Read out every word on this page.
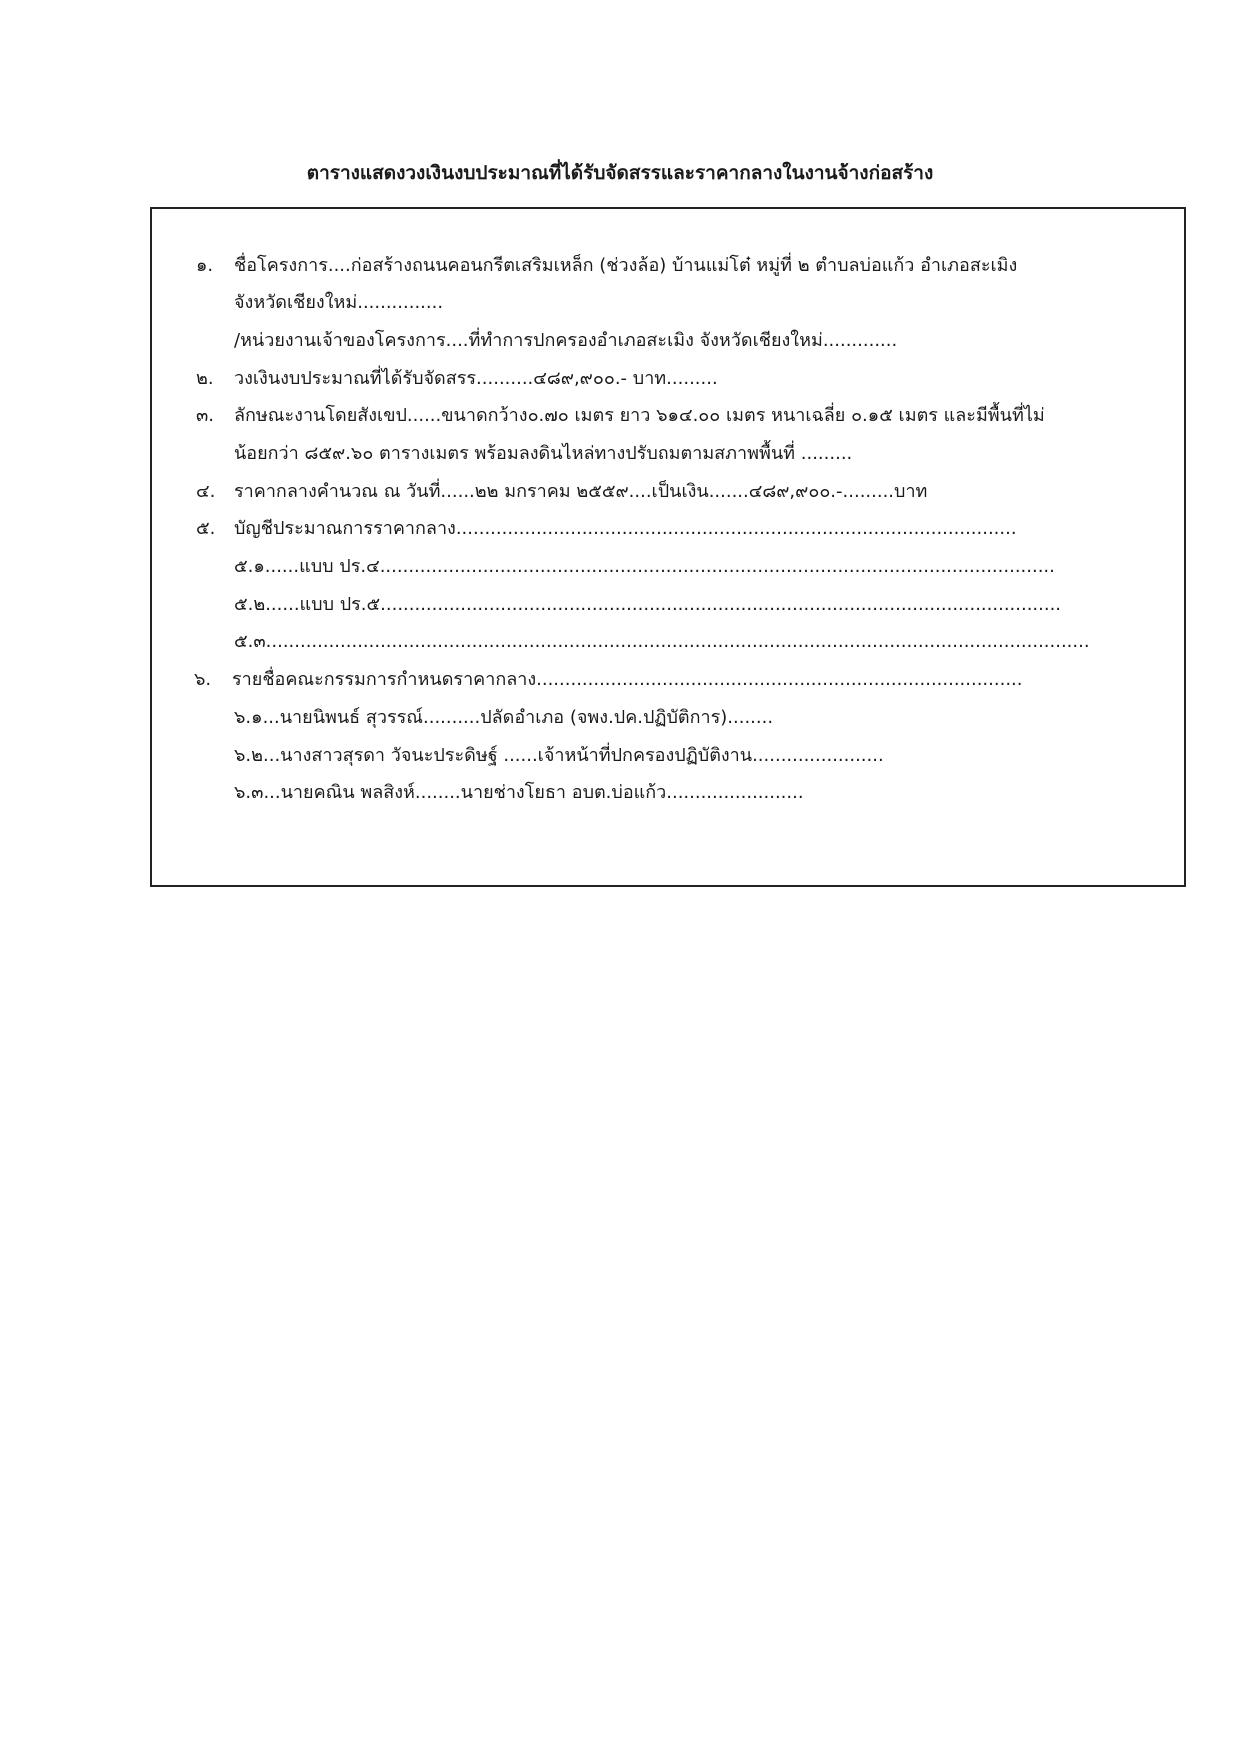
ตารางแสดงวงเงินงบประมาณที่ได้รับจัดสรรและราคากลางในงานจ้างก่อสร้าง
๑. ชื่อโครงการ....ก่อสร้างถนนคอนกรีตเสริมเหล็ก (ช่วงล้อ) บ้านแม่โต๋ หมู่ที่ ๒ ตำบลบ่อแก้ว อำเภอสะเมิง
จังหวัดเชียงใหม่...............
/หน่วยงานเจ้าของโครงการ....ที่ทำการปกครองอำเภอสะเมิง จังหวัดเชียงใหม่.............
๒. วงเงินงบประมาณที่ได้รับจัดสรร..........๔๘๙,๙๐๐.- บาท.........
๓. ลักษณะงานโดยสังเขป......ขนาดกว้าง๐.๗๐ เมตร ยาว ๖๑๔.๐๐ เมตร หนาเฉลี่ย ๐.๑๕ เมตร และมีพื้นที่ไม่
น้อยกว่า ๘๕๙.๖๐ ตารางเมตร พร้อมลงดินไหล่ทางปรับถมตามสภาพพื้นที่ .........
๔. ราคากลางคำนวณ ณ วันที่......๒๒ มกราคม ๒๕๕๙....เป็นเงิน.......๔๘๙,๙๐๐.-.........บาท
๕. บัญชีประมาณการราคากลาง..................................................................................................
๕.๑......แบบ ปร.๔......................................................................................................................
๕.๒......แบบ ปร.๕.......................................................................................................................
๕.๓................................................................................................................................................
๖. รายชื่อคณะกรรมการกำหนดราคากลาง.....................................................................................
๖.๑...นายนิพนธ์ สุวรรณ์..........ปลัดอำเภอ (จพง.ปค.ปฏิบัติการ)........
๖.๒...นางสาวสุรดา วัจนะประดิษฐ์ ......เจ้าหน้าที่ปกครองปฏิบัติงาน.......................
๖.๓...นายคณิน พลสิงห์........นายช่างโยธา อบต.บ่อแก้ว........................
